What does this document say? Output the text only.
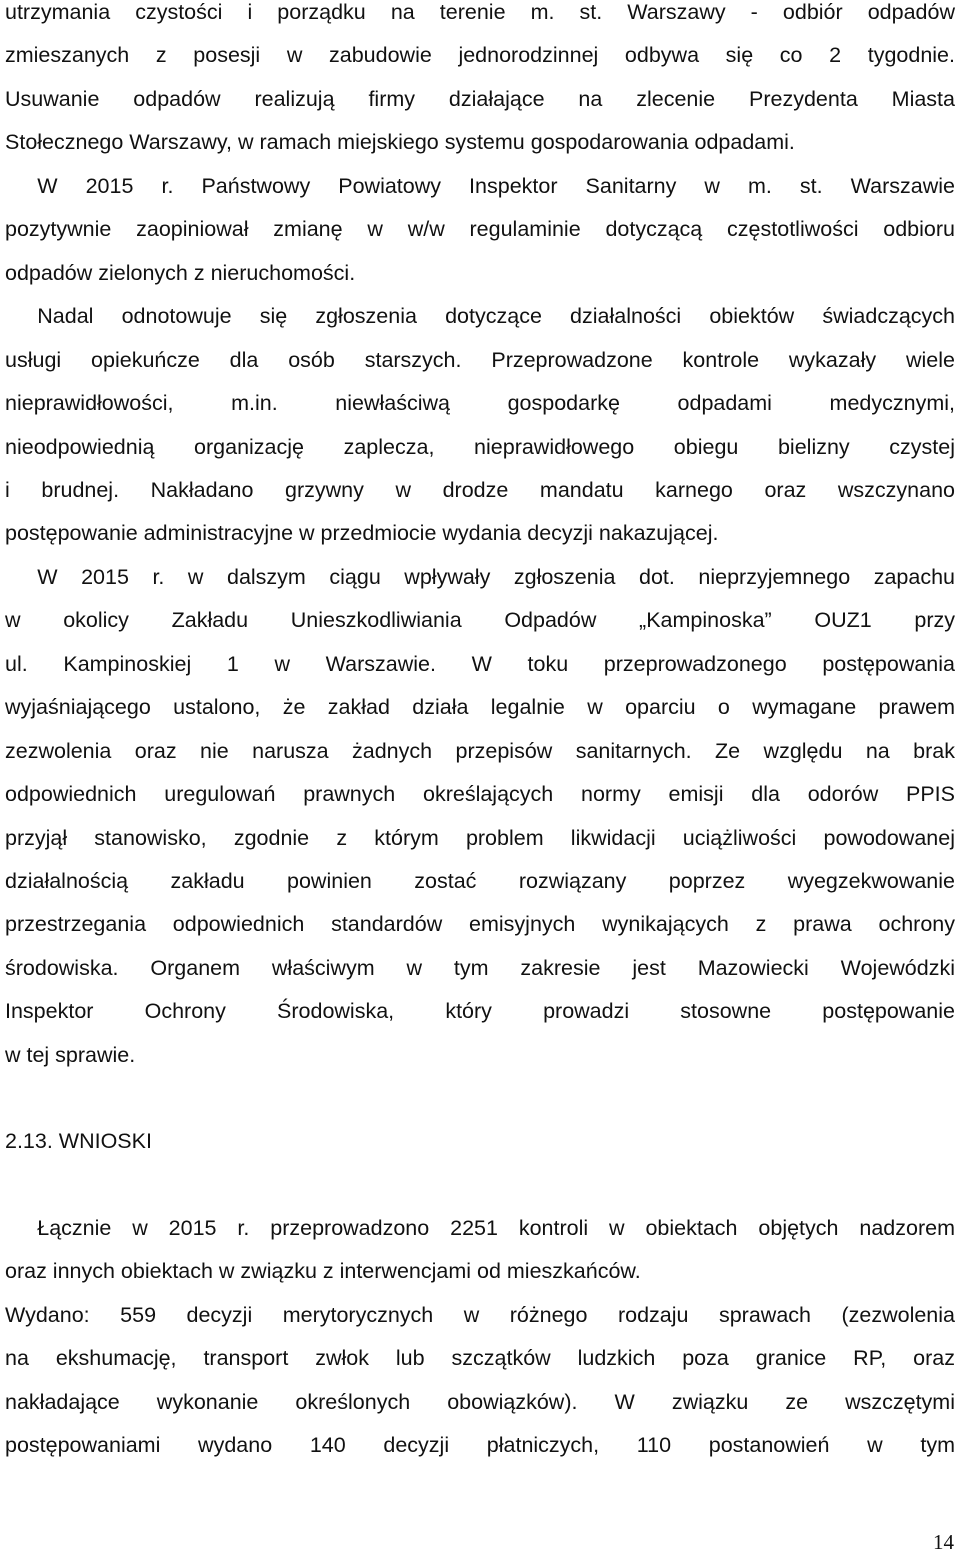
utrzymania czystości i porządku na terenie m. st. Warszawy - odbiór odpadów
zmieszanych z posesji w zabudowie jednorodzinnej odbywa się co 2 tygodnie.
Usuwanie odpadów realizują firmy działające na zlecenie Prezydenta Miasta
Stołecznego Warszawy, w ramach miejskiego systemu gospodarowania odpadami.
  W 2015 r. Państwowy Powiatowy Inspektor Sanitarny w m. st. Warszawie
pozytywnie zaopiniował zmianę w w/w regulaminie dotyczącą częstotliwości odbioru
odpadów zielonych z nieruchomości.
  Nadal odnotowuje się zgłoszenia dotyczące działalności obiektów świadczących
usługi opiekuńcze dla osób starszych. Przeprowadzone kontrole wykazały wiele
nieprawidłowości, m.in. niewłaściwą gospodarkę odpadami medycznymi,
nieodpowiednią organizację zaplecza, nieprawidłowego obiegu bielizny czystej
i brudnej. Nakładano grzywny w drodze mandatu karnego oraz wszczynano
postępowanie administracyjne w przedmiocie wydania decyzji nakazującej.
  W 2015 r. w dalszym ciągu wpływały zgłoszenia dot. nieprzyjemnego zapachu
w okolicy Zakładu Unieszkodliwiania Odpadów „Kampinoska” OUZ1 przy
ul. Kampinoskiej 1 w Warszawie. W toku przeprowadzonego postępowania
wyjaśniającego ustalono, że zakład działa legalnie w oparciu o wymagane prawem
zezwolenia oraz nie narusza żadnych przepisów sanitarnych. Ze względu na brak
odpowiednich uregulowań prawnych określających normy emisji dla odorów PPIS
przyjął stanowisko, zgodnie z którym problem likwidacji uciążliwości powodowanej
działalnością zakładu powinien zostać rozwiązany poprzez wyegzekwowanie
przestrzegania odpowiednich standardów emisyjnych wynikających z prawa ochrony
środowiska. Organem właściwym w tym zakresie jest Mazowiecki Wojewódzki
Inspektor Ochrony Środowiska, który prowadzi stosowne postępowanie
w tej sprawie.
2.13. WNIOSKI
  Łącznie w 2015 r. przeprowadzono 2251 kontroli w obiektach objętych nadzorem
oraz innych obiektach w związku z interwencjami od mieszkańców.
Wydano: 559 decyzji merytorycznych w różnego rodzaju sprawach (zezwolenia
na ekshumację, transport zwłok lub szczątków ludzkich poza granice RP, oraz
nakładające wykonanie określonych obowiązków). W związku ze wszczętymi
postępowaniami wydano 140 decyzji płatniczych, 110 postanowień w tym
14
